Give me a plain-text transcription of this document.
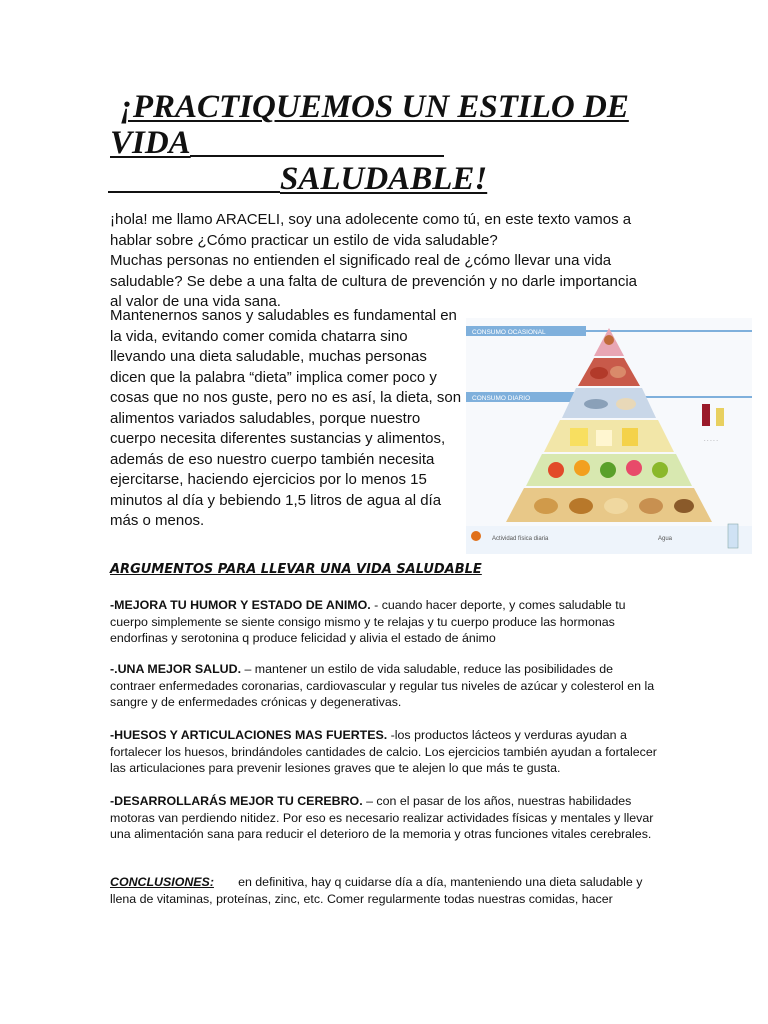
¡PRACTIQUEMOS UN ESTILO DE
VIDA
SALUDABLE!

¡hola! me llamo ARACELI, soy una adolecente como tú, en este texto vamos a hablar sobre ¿Cómo practicar un estilo de vida saludable?

Muchas personas no entienden el significado real de ¿cómo llevar una vida saludable? Se debe a una falta de cultura de prevención y no darle importancia al valor de una vida sana.

Mantenernos sanos y saludables es fundamental en la vida, evitando comer comida chatarra sino llevando una dieta saludable, muchas personas dicen que la palabra “dieta” implica comer poco y cosas que no nos guste, pero no es así, la dieta, son alimentos variados saludables, porque nuestro cuerpo necesita diferentes sustancias y alimentos, además de eso nuestro cuerpo también necesita ejercitarse, haciendo ejercicios por lo menos 15 minutos al día y bebiendo 1,5 litros de agua al día más o menos.

CONSUMO OCASIONAL
CONSUMO DIARIO
· · · · ·
Actividad física diaria	Agua
ARGUMENTOS PARA LLEVAR UNA VIDA SALUDABLE
-MEJORA TU HUMOR Y ESTADO DE ANIMO. - cuando hacer deporte, y comes saludable tu cuerpo simplemente se siente consigo mismo y te relajas y tu cuerpo produce las hormonas endorfinas y serotonina q produce felicidad y alivia el estado de ánimo
-.UNA MEJOR SALUD. – mantener un estilo de vida saludable, reduce las posibilidades de contraer enfermedades coronarias, cardiovascular y regular tus niveles de azúcar y colesterol en la sangre y de enfermedades crónicas y degenerativas.
-HUESOS Y ARTICULACIONES MAS FUERTES. -los productos lácteos y verduras ayudan a fortalecer los huesos, brindándoles cantidades de calcio. Los ejercicios también ayudan a fortalecer las articulaciones para prevenir lesiones graves que te alejen lo que más te gusta.
-DESARROLLARÁS MEJOR TU CEREBRO. – con el pasar de los años, nuestras habilidades motoras van perdiendo nitidez. Por eso es necesario realizar actividades físicas y mentales y llevar una alimentación sana para reducir el deterioro de la memoria y otras funciones vitales cerebrales.
CONCLUSIONES: en definitiva, hay q cuidarse día a día, manteniendo una dieta saludable y llena de vitaminas, proteínas, zinc, etc. Comer regularmente todas nuestras comidas, hacer
